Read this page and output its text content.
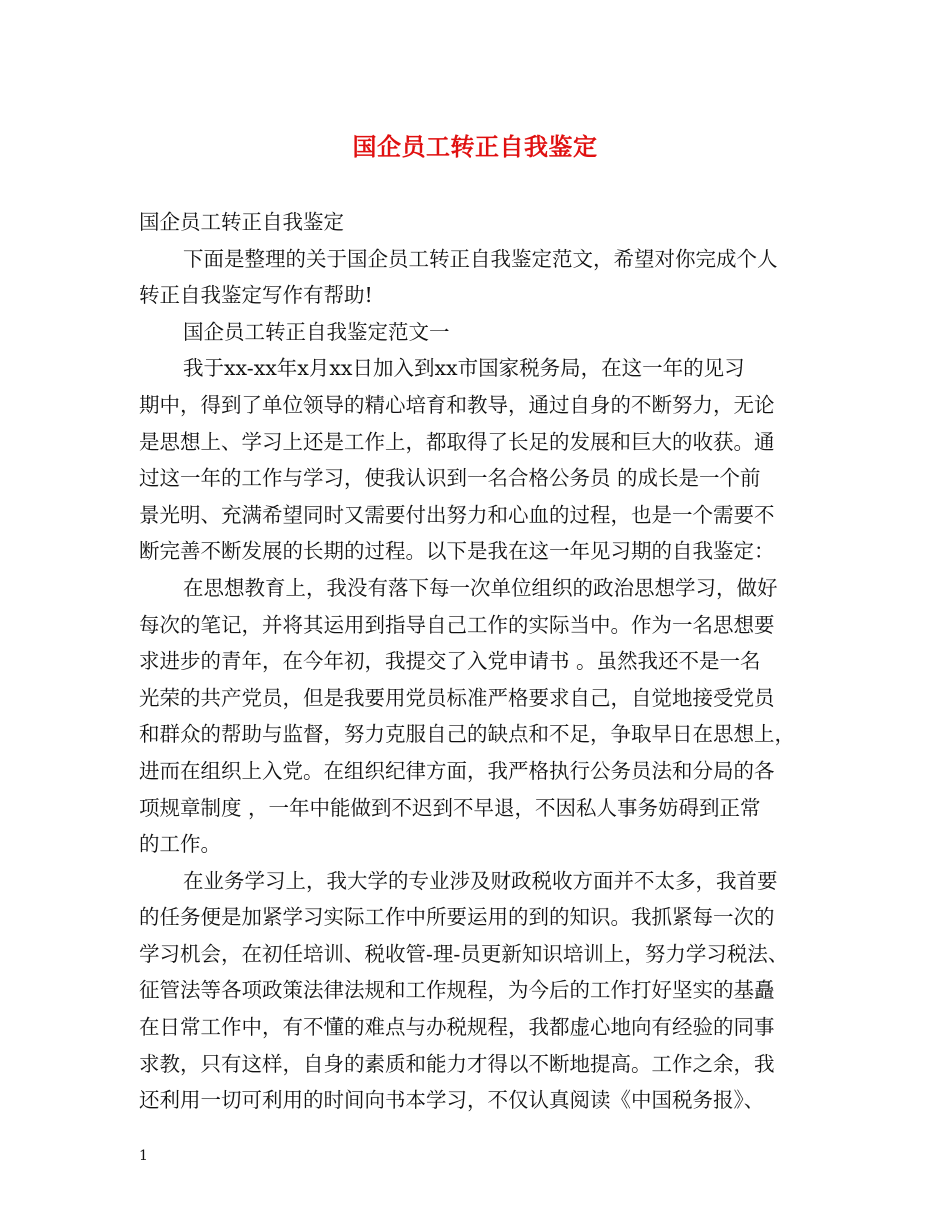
国企员工转正自我鉴定
国企员工转正自我鉴定
下面是整理的关于国企员工转正自我鉴定范文，希望对你完成个人
转正自我鉴定写作有帮助!
国企员工转正自我鉴定范文一
我于xx-xx年x月xx日加入到xx市国家税务局，在这一年的见习
期中，得到了单位领导的精心培育和教导，通过自身的不断努力，无论
是思想上、学习上还是工作上，都取得了长足的发展和巨大的收获。通
过这一年的工作与学习，使我认识到一名合格公务员 的成长是一个前
景光明、充满希望同时又需要付出努力和心血的过程，也是一个需要不
断完善不断发展的长期的过程。以下是我在这一年见习期的自我鉴定：
在思想教育上，我没有落下每一次单位组织的政治思想学习，做好
每次的笔记，并将其运用到指导自己工作的实际当中。作为一名思想要
求进步的青年，在今年初，我提交了入党申请书 。虽然我还不是一名
光荣的共产党员，但是我要用党员标准严格要求自己，自觉地接受党员
和群众的帮助与监督，努力克服自己的缺点和不足，争取早日在思想上，
进而在组织上入党。在组织纪律方面，我严格执行公务员法和分局的各
项规章制度 ，一年中能做到不迟到不早退，不因私人事务妨碍到正常
的工作。
在业务学习上，我大学的专业涉及财政税收方面并不太多，我首要
的任务便是加紧学习实际工作中所要运用的到的知识。我抓紧每一次的
学习机会，在初任培训、税收管-理-员更新知识培训上，努力学习税法、
征管法等各项政策法律法规和工作规程，为今后的工作打好坚实的基矗
在日常工作中，有不懂的难点与办税规程，我都虚心地向有经验的同事
求教，只有这样，自身的素质和能力才得以不断地提高。工作之余，我
还利用一切可利用的时间向书本学习，不仅认真阅读《中国税务报》、
1
